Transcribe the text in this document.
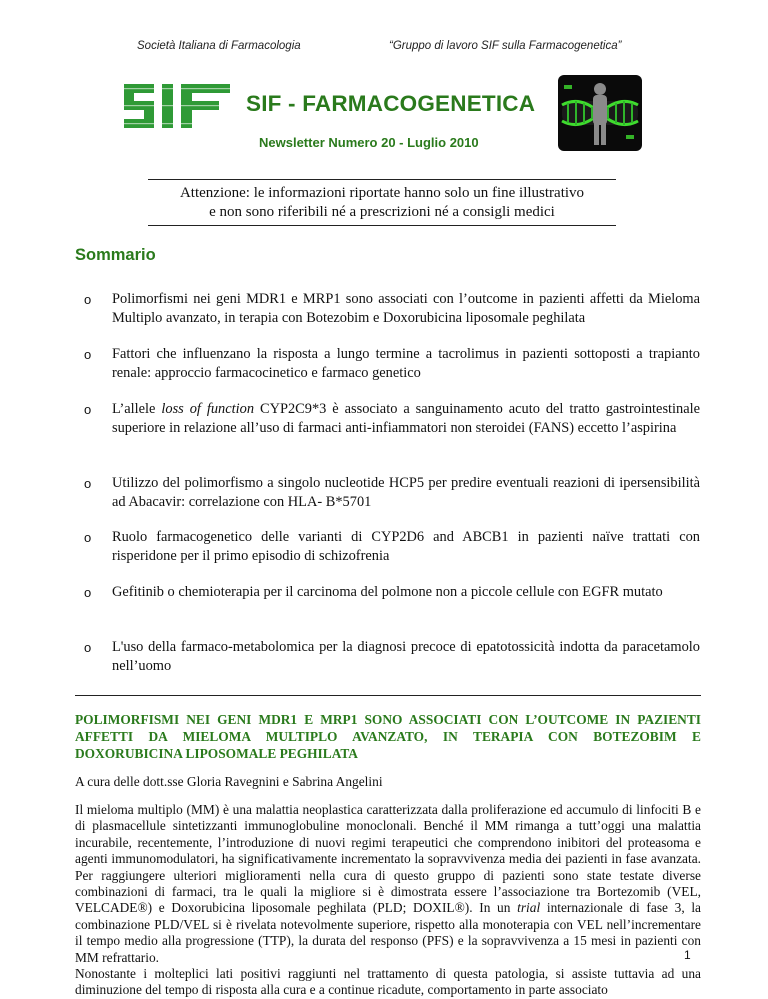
Società Italiana di Farmacologia	“Gruppo di lavoro SIF sulla Farmacogenetica”
SIF - FARMACOGENETICA
Newsletter Numero 20 - Luglio 2010
Attenzione: le informazioni riportate hanno solo un fine illustrativo
e non sono riferibili né a prescrizioni né a consigli medici
Sommario
o Polimorfismi nei geni MDR1 e MRP1 sono associati con l’outcome in pazienti affetti da Mieloma Multiplo avanzato, in terapia con Botezobim e Doxorubicina liposomale peghilata
o Fattori che influenzano la risposta a lungo termine a tacrolimus in pazienti sottoposti a trapianto renale: approccio farmacocinetico e farmaco genetico
o L’allele loss of function CYP2C9*3 è associato a sanguinamento acuto del tratto gastrointestinale superiore in relazione all’uso di farmaci anti-infiammatori non steroidei (FANS) eccetto l’aspirina
o Utilizzo del polimorfismo a singolo nucleotide HCP5 per predire eventuali reazioni di ipersensibilità ad Abacavir: correlazione con HLA- B*5701
o Ruolo farmacogenetico delle varianti di CYP2D6 and ABCB1 in pazienti naïve trattati con risperidone per il primo episodio di schizofrenia
o Gefitinib o chemioterapia per il carcinoma del polmone non a piccole cellule con EGFR mutato
o L'uso della farmaco-metabolomica per la diagnosi precoce di epatotossicità indotta da paracetamolo nell’uomo
POLIMORFISMI NEI GENI MDR1 E MRP1 SONO ASSOCIATI CON L’OUTCOME IN PAZIENTI AFFETTI DA MIELOMA MULTIPLO AVANZATO, IN TERAPIA CON BOTEZOBIM E DOXORUBICINA LIPOSOMALE PEGHILATA
A cura delle dott.sse Gloria Ravegnini e Sabrina Angelini

Il mieloma multiplo (MM) è una malattia neoplastica caratterizzata dalla proliferazione ed accumulo di linfociti B e di plasmacellule sintetizzanti immunoglobuline monoclonali. Benché il MM rimanga a tutt’oggi una malattia incurabile, recentemente, l’introduzione di nuovi regimi terapeutici che comprendono inibitori del proteasoma e agenti immunomodulatori, ha significativamente incrementato la sopravvivenza media dei pazienti in fase avanzata. Per raggiungere ulteriori miglioramenti nella cura di questo gruppo di pazienti sono state testate diverse combinazioni di farmaci, tra le quali la migliore si è dimostrata essere l’associazione tra Bortezomib (VEL, VELCADE®) e Doxorubicina liposomale peghilata (PLD; DOXIL®). In un trial internazionale di fase 3, la combinazione PLD/VEL si è rivelata notevolmente superiore, rispetto alla monoterapia con VEL nell’incrementare il tempo medio alla progressione (TTP), la durata del responso (PFS) e la sopravvivenza a 15 mesi in pazienti con MM refrattario.

Nonostante i molteplici lati positivi raggiunti nel trattamento di questa patologia, si assiste tuttavia ad una diminuzione del tempo di risposta alla cura e a continue ricadute, comportamento in parte associato

1
